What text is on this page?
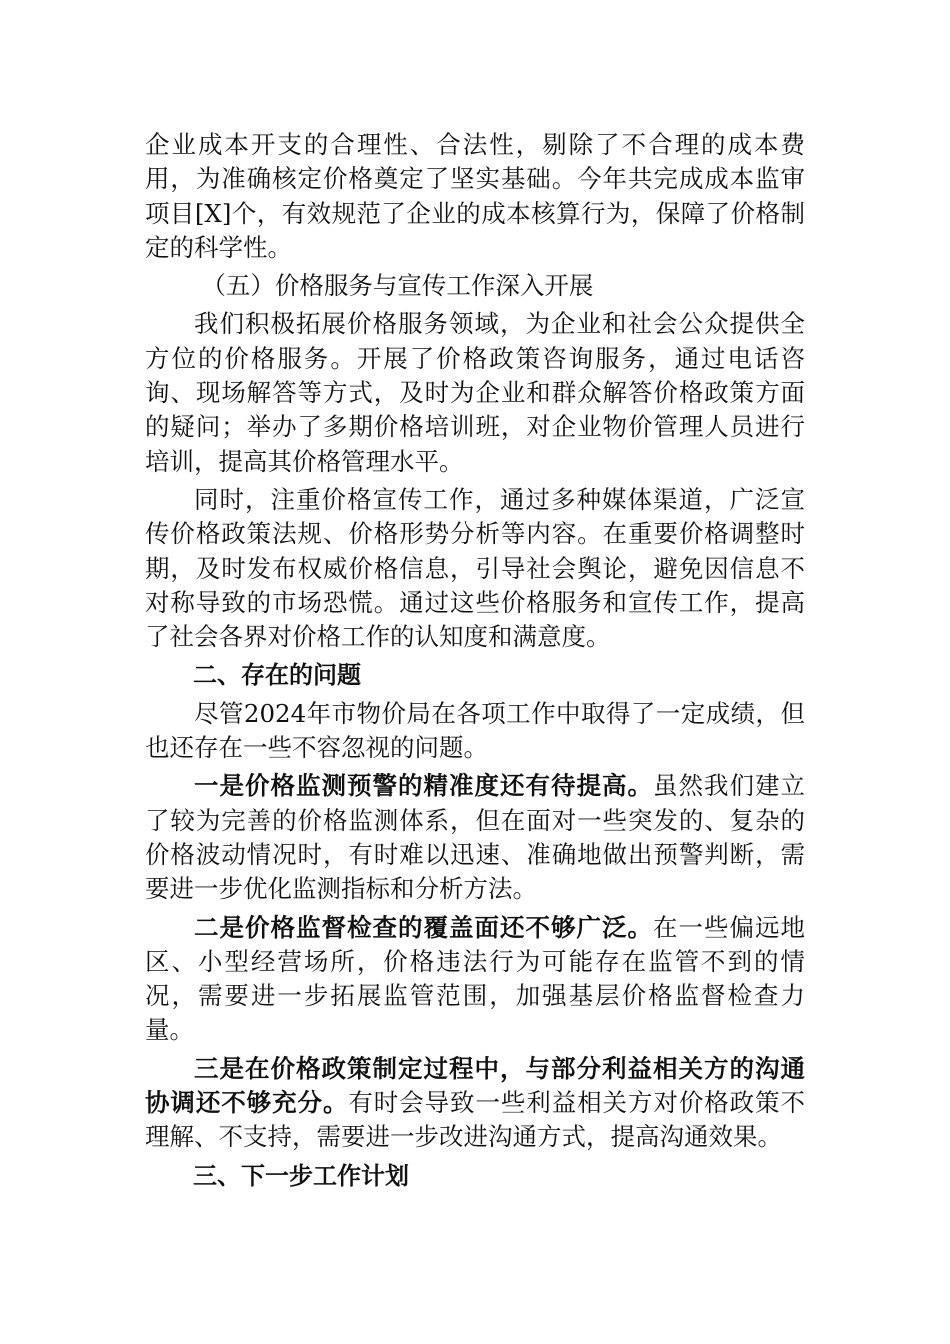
企业成本开支的合理性、合法性，剔除了不合理的成本费用，为准确核定价格奠定了坚实基础。今年共完成成本监审项目[X]个，有效规范了企业的成本核算行为，保障了价格制定的科学性。

（五）价格服务与宣传工作深入开展

我们积极拓展价格服务领域，为企业和社会公众提供全方位的价格服务。开展了价格政策咨询服务，通过电话咨询、现场解答等方式，及时为企业和群众解答价格政策方面的疑问；举办了多期价格培训班，对企业物价管理人员进行培训，提高其价格管理水平。

同时，注重价格宣传工作，通过多种媒体渠道，广泛宣传价格政策法规、价格形势分析等内容。在重要价格调整时期，及时发布权威价格信息，引导社会舆论，避免因信息不对称导致的市场恐慌。通过这些价格服务和宣传工作，提高了社会各界对价格工作的认知度和满意度。

二、存在的问题

尽管2024年市物价局在各项工作中取得了一定成绩，但也还存在一些不容忽视的问题。

一是价格监测预警的精准度还有待提高。虽然我们建立了较为完善的价格监测体系，但在面对一些突发的、复杂的价格波动情况时，有时难以迅速、准确地做出预警判断，需要进一步优化监测指标和分析方法。

二是价格监督检查的覆盖面还不够广泛。在一些偏远地区、小型经营场所，价格违法行为可能存在监管不到的情况，需要进一步拓展监管范围，加强基层价格监督检查力量。

三是在价格政策制定过程中，与部分利益相关方的沟通协调还不够充分。有时会导致一些利益相关方对价格政策不理解、不支持，需要进一步改进沟通方式，提高沟通效果。

三、下一步工作计划
